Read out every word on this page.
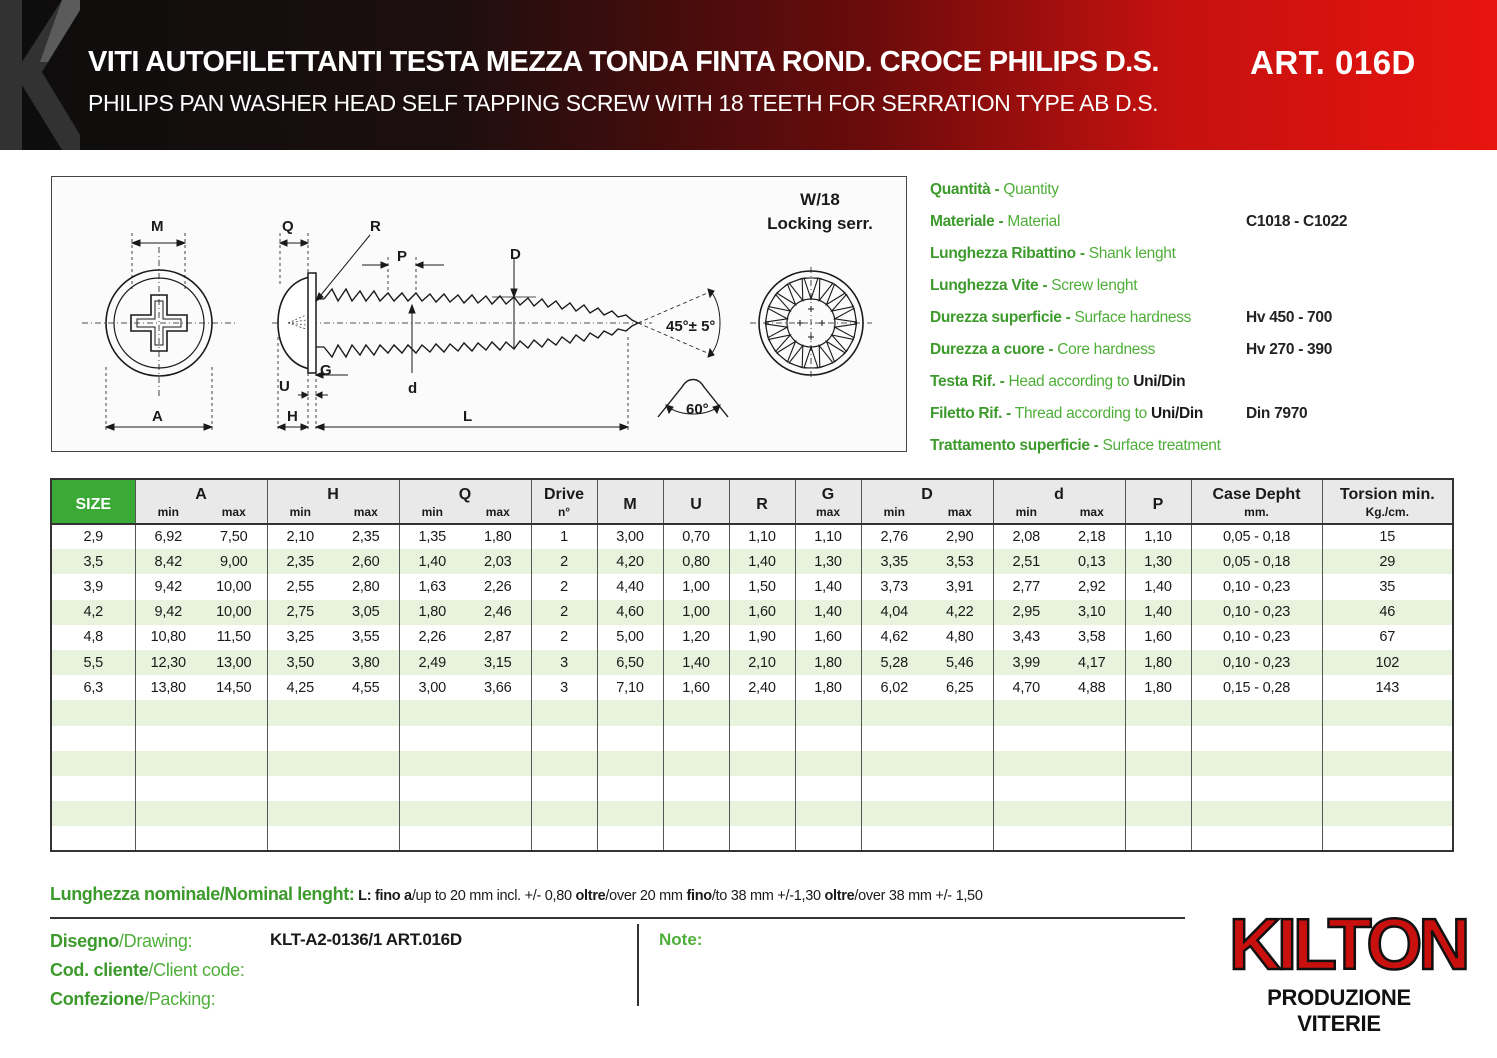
VITI AUTOFILETTANTI TESTA MEZZA TONDA FINTA ROND. CROCE PHILIPS D.S.
PHILIPS PAN WASHER HEAD SELF TAPPING SCREW WITH 18 TEETH FOR SERRATION TYPE AB D.S.
ART. 016D
M
A
Q	R
P	D
d
G
U
H	L
45°± 5°
60°
W/18
Locking serr.
Quantità - Quantity
Materiale - Material	C1018 - C1022
Lunghezza Ribattino - Shank lenght
Lunghezza Vite - Screw lenght
Durezza superficie - Surface hardness	Hv 450 - 700
Durezza a cuore - Core hardness	Hv 270 - 390
Testa Rif. - Head according to Uni/Din
Filetto Rif. - Thread according to Uni/Din	Din 7970
Trattamento superficie - Surface treatment
SIZE	A		H		Q		Drive	M	U	R	G	D		d		P	Case Depht	Torsion min.
	min	max	min	max	min	max	n°				max	min	max	min	max		mm.	Kg./cm.
2,9	6,92	7,50	2,10	2,35	1,35	1,80	1	3,00	0,70	1,10	1,10	2,76	2,90	2,08	2,18	1,10	0,05 - 0,18	15
3,5	8,42	9,00	2,35	2,60	1,40	2,03	2	4,20	0,80	1,40	1,30	3,35	3,53	2,51	0,13	1,30	0,05 - 0,18	29
3,9	9,42	10,00	2,55	2,80	1,63	2,26	2	4,40	1,00	1,50	1,40	3,73	3,91	2,77	2,92	1,40	0,10 - 0,23	35
4,2	9,42	10,00	2,75	3,05	1,80	2,46	2	4,60	1,00	1,60	1,40	4,04	4,22	2,95	3,10	1,40	0,10 - 0,23	46
4,8	10,80	11,50	3,25	3,55	2,26	2,87	2	5,00	1,20	1,90	1,60	4,62	4,80	3,43	3,58	1,60	0,10 - 0,23	67
5,5	12,30	13,00	3,50	3,80	2,49	3,15	3	6,50	1,40	2,10	1,80	5,28	5,46	3,99	4,17	1,80	0,10 - 0,23	102
6,3	13,80	14,50	4,25	4,55	3,00	3,66	3	7,10	1,60	2,40	1,80	6,02	6,25	4,70	4,88	1,80	0,15 - 0,28	143

Lunghezza nominale/Nominal lenght: L: fino a/up to 20 mm incl. +/- 0,80 oltre/over 20 mm fino/to 38 mm +/-1,30 oltre/over 38 mm +/- 1,50
Disegno/Drawing:	KLT-A2-0136/1 ART.016D
Cod. cliente/Client code:
Confezione/Packing:
Note:	KILTON
PRODUZIONE VITERIE
